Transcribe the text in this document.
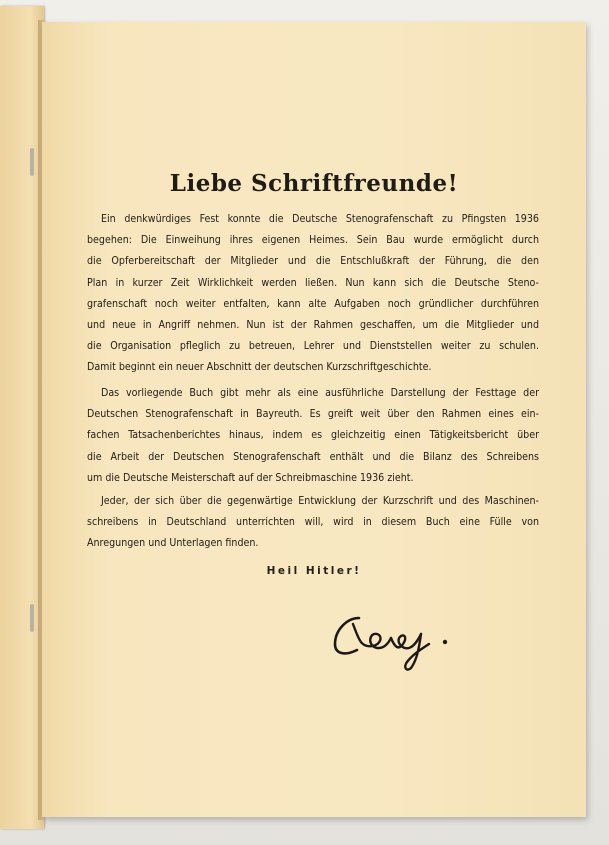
Liebe Schriftfreunde!

Ein denkwürdiges Fest konnte die Deutsche Stenografenschaft zu Pfingsten 1936
begehen: Die Einweihung ihres eigenen Heimes. Sein Bau wurde ermöglicht durch
die Opferbereitschaft der Mitglieder und die Entschlußkraft der Führung, die den
Plan in kurzer Zeit Wirklichkeit werden ließen. Nun kann sich die Deutsche Steno-
grafenschaft noch weiter entfalten, kann alte Aufgaben noch gründlicher durchführen
und neue in Angriff nehmen. Nun ist der Rahmen geschaffen, um die Mitglieder und
die Organisation pfleglich zu betreuen, Lehrer und Dienststellen weiter zu schulen.
Damit beginnt ein neuer Abschnitt der deutschen Kurzschriftgeschichte.

Das vorliegende Buch gibt mehr als eine ausführliche Darstellung der Festtage der
Deutschen Stenografenschaft in Bayreuth. Es greift weit über den Rahmen eines ein-
fachen Tatsachenberichtes hinaus, indem es gleichzeitig einen Tätigkeitsbericht über
die Arbeit der Deutschen Stenografenschaft enthält und die Bilanz des Schreibens
um die Deutsche Meisterschaft auf der Schreibmaschine 1936 zieht.

Jeder, der sich über die gegenwärtige Entwicklung der Kurzschrift und des Maschinen-
schreibens in Deutschland unterrichten will, wird in diesem Buch eine Fülle von
Anregungen und Unterlagen finden.

Heil Hitler!
